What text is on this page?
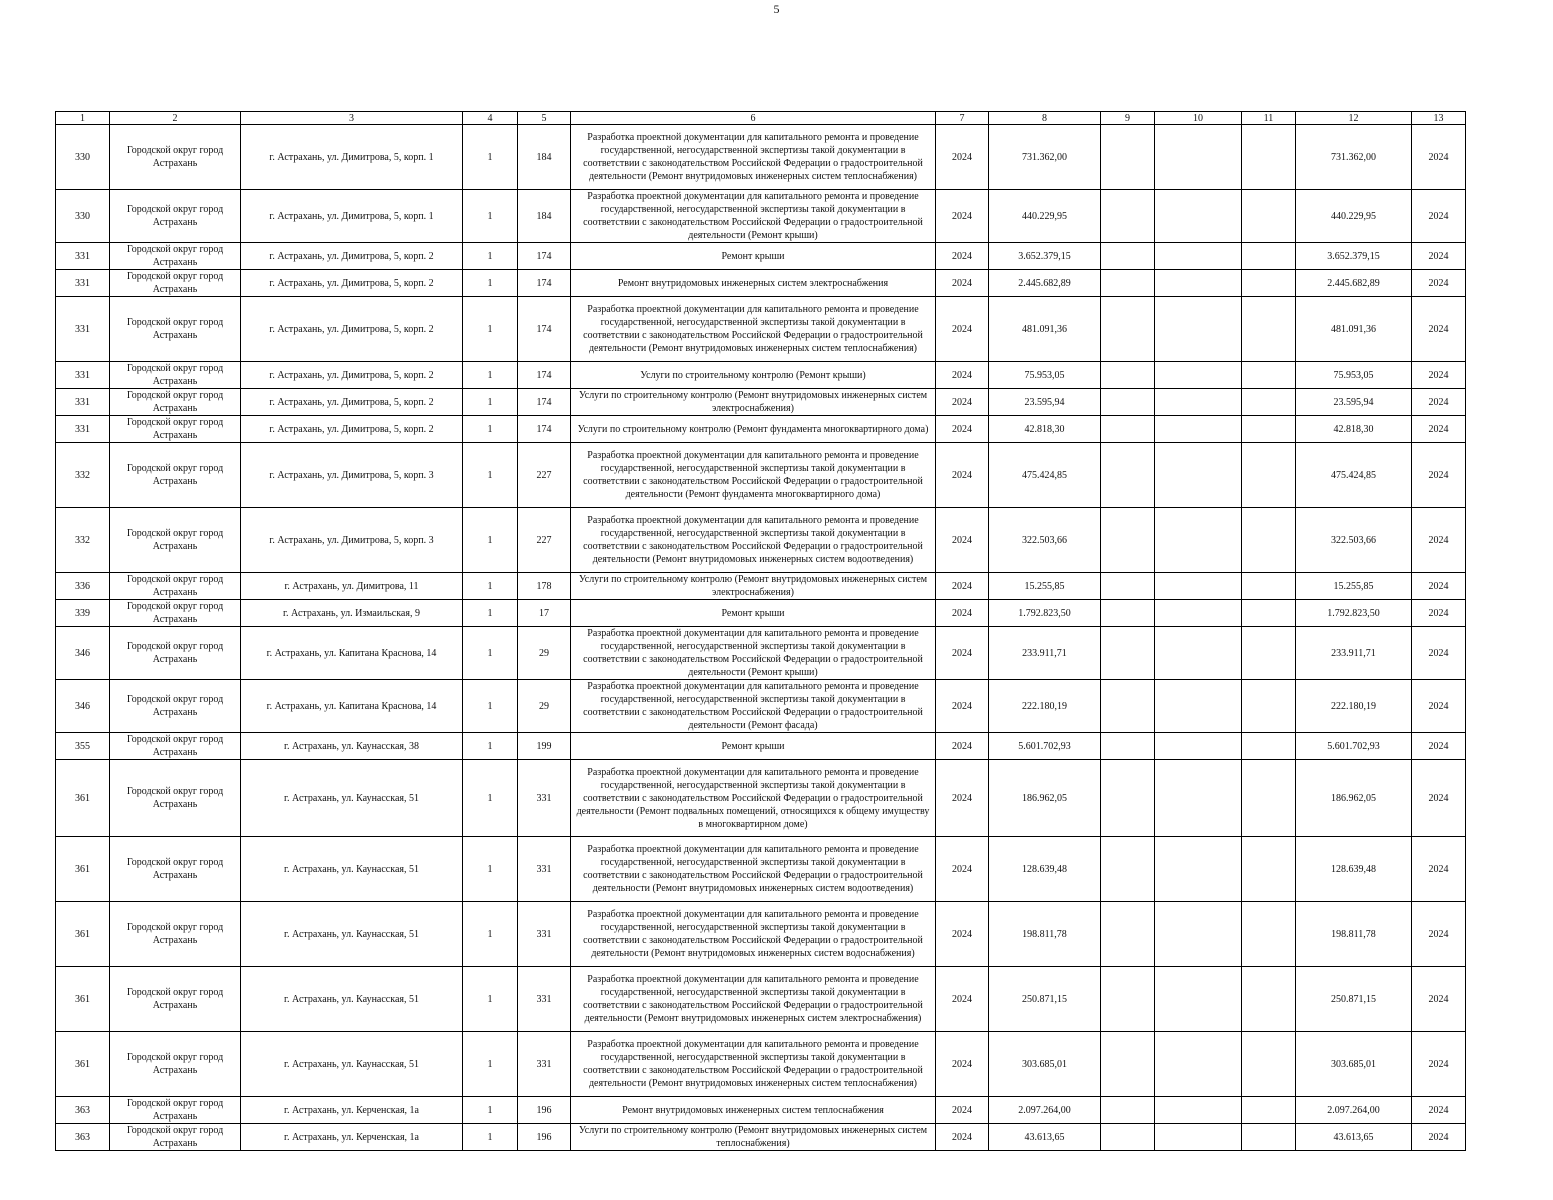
5
1	2	3	4	5	6	7	8	9	10	11	12	13
330	Городской округ город Астрахань	г. Астрахань, ул. Димитрова, 5, корп. 1	1	184	Разработка проектной документации для капитального ремонта и проведение государственной, негосударственной экспертизы такой документации в соответствии с законодательством Российской Федерации о градостроительной деятельности (Ремонт внутридомовых инженерных систем теплоснабжения)	2024	731.362,00				731.362,00	2024
330	Городской округ город Астрахань	г. Астрахань, ул. Димитрова, 5, корп. 1	1	184	Разработка проектной документации для капитального ремонта и проведение государственной, негосударственной экспертизы такой документации в соответствии с законодательством Российской Федерации о градостроительной деятельности (Ремонт крыши)	2024	440.229,95				440.229,95	2024
331	Городской округ город Астрахань	г. Астрахань, ул. Димитрова, 5, корп. 2	1	174	Ремонт крыши	2024	3.652.379,15				3.652.379,15	2024
331	Городской округ город Астрахань	г. Астрахань, ул. Димитрова, 5, корп. 2	1	174	Ремонт внутридомовых инженерных систем электроснабжения	2024	2.445.682,89				2.445.682,89	2024
331	Городской округ город Астрахань	г. Астрахань, ул. Димитрова, 5, корп. 2	1	174	Разработка проектной документации для капитального ремонта и проведение государственной, негосударственной экспертизы такой документации в соответствии с законодательством Российской Федерации о градостроительной деятельности (Ремонт внутридомовых инженерных систем теплоснабжения)	2024	481.091,36				481.091,36	2024
331	Городской округ город Астрахань	г. Астрахань, ул. Димитрова, 5, корп. 2	1	174	Услуги по строительному контролю (Ремонт крыши)	2024	75.953,05				75.953,05	2024
331	Городской округ город Астрахань	г. Астрахань, ул. Димитрова, 5, корп. 2	1	174	Услуги по строительному контролю (Ремонт внутридомовых инженерных систем электроснабжения)	2024	23.595,94				23.595,94	2024
331	Городской округ город Астрахань	г. Астрахань, ул. Димитрова, 5, корп. 2	1	174	Услуги по строительному контролю (Ремонт фундамента многоквартирного дома)	2024	42.818,30				42.818,30	2024
332	Городской округ город Астрахань	г. Астрахань, ул. Димитрова, 5, корп. 3	1	227	Разработка проектной документации для капитального ремонта и проведение государственной, негосударственной экспертизы такой документации в соответствии с законодательством Российской Федерации о градостроительной деятельности (Ремонт фундамента многоквартирного дома)	2024	475.424,85				475.424,85	2024
332	Городской округ город Астрахань	г. Астрахань, ул. Димитрова, 5, корп. 3	1	227	Разработка проектной документации для капитального ремонта и проведение государственной, негосударственной экспертизы такой документации в соответствии с законодательством Российской Федерации о градостроительной деятельности (Ремонт внутридомовых инженерных систем водоотведения)	2024	322.503,66				322.503,66	2024
336	Городской округ город Астрахань	г. Астрахань, ул. Димитрова, 11	1	178	Услуги по строительному контролю (Ремонт внутридомовых инженерных систем электроснабжения)	2024	15.255,85				15.255,85	2024
339	Городской округ город Астрахань	г. Астрахань, ул. Измаильская, 9	1	17	Ремонт крыши	2024	1.792.823,50				1.792.823,50	2024
346	Городской округ город Астрахань	г. Астрахань, ул. Капитана Краснова, 14	1	29	Разработка проектной документации для капитального ремонта и проведение государственной, негосударственной экспертизы такой документации в соответствии с законодательством Российской Федерации о градостроительной деятельности (Ремонт крыши)	2024	233.911,71				233.911,71	2024
346	Городской округ город Астрахань	г. Астрахань, ул. Капитана Краснова, 14	1	29	Разработка проектной документации для капитального ремонта и проведение государственной, негосударственной экспертизы такой документации в соответствии с законодательством Российской Федерации о градостроительной деятельности (Ремонт фасада)	2024	222.180,19				222.180,19	2024
355	Городской округ город Астрахань	г. Астрахань, ул. Каунасская, 38	1	199	Ремонт крыши	2024	5.601.702,93				5.601.702,93	2024
361	Городской округ город Астрахань	г. Астрахань, ул. Каунасская, 51	1	331	Разработка проектной документации для капитального ремонта и проведение государственной, негосударственной экспертизы такой документации в соответствии с законодательством Российской Федерации о градостроительной деятельности (Ремонт подвальных помещений, относящихся к общему имуществу в многоквартирном доме)	2024	186.962,05				186.962,05	2024
361	Городской округ город Астрахань	г. Астрахань, ул. Каунасская, 51	1	331	Разработка проектной документации для капитального ремонта и проведение государственной, негосударственной экспертизы такой документации в соответствии с законодательством Российской Федерации о градостроительной деятельности (Ремонт внутридомовых инженерных систем водоотведения)	2024	128.639,48				128.639,48	2024
361	Городской округ город Астрахань	г. Астрахань, ул. Каунасская, 51	1	331	Разработка проектной документации для капитального ремонта и проведение государственной, негосударственной экспертизы такой документации в соответствии с законодательством Российской Федерации о градостроительной деятельности (Ремонт внутридомовых инженерных систем водоснабжения)	2024	198.811,78				198.811,78	2024
361	Городской округ город Астрахань	г. Астрахань, ул. Каунасская, 51	1	331	Разработка проектной документации для капитального ремонта и проведение государственной, негосударственной экспертизы такой документации в соответствии с законодательством Российской Федерации о градостроительной деятельности (Ремонт внутридомовых инженерных систем электроснабжения)	2024	250.871,15				250.871,15	2024
361	Городской округ город Астрахань	г. Астрахань, ул. Каунасская, 51	1	331	Разработка проектной документации для капитального ремонта и проведение государственной, негосударственной экспертизы такой документации в соответствии с законодательством Российской Федерации о градостроительной деятельности (Ремонт внутридомовых инженерных систем теплоснабжения)	2024	303.685,01				303.685,01	2024
363	Городской округ город Астрахань	г. Астрахань, ул. Керченская, 1а	1	196	Ремонт внутридомовых инженерных систем теплоснабжения	2024	2.097.264,00				2.097.264,00	2024
363	Городской округ город Астрахань	г. Астрахань, ул. Керченская, 1а	1	196	Услуги по строительному контролю (Ремонт внутридомовых инженерных систем теплоснабжения)	2024	43.613,65				43.613,65	2024
